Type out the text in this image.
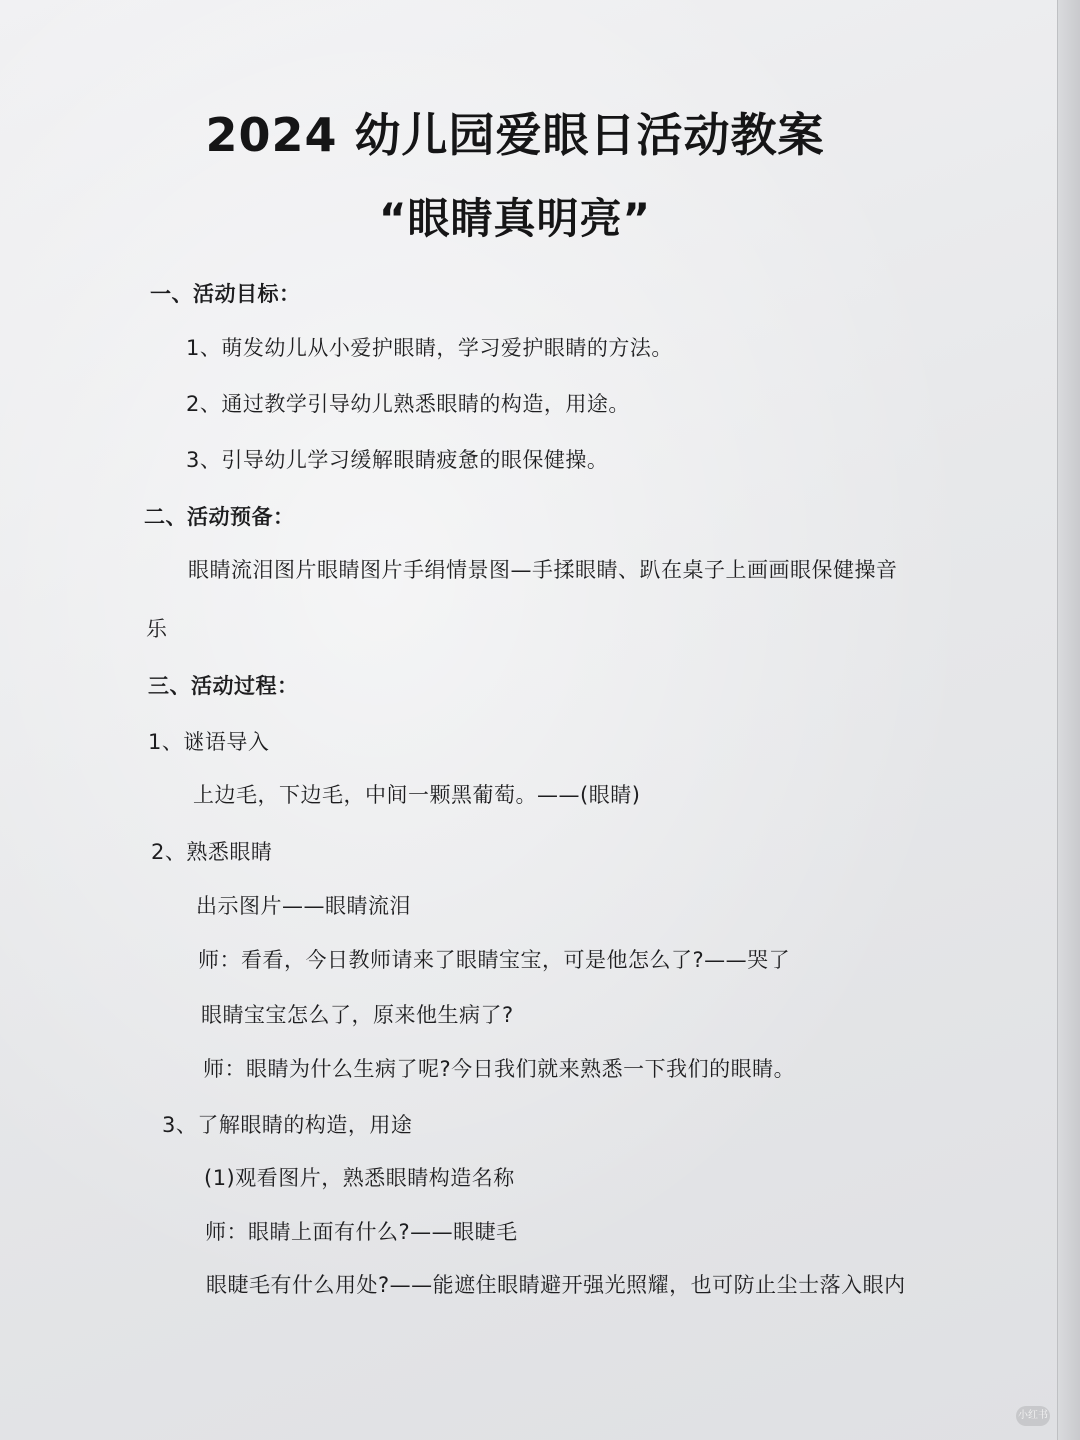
2024 幼儿园爱眼日活动教案
“眼睛真明亮”
一、活动目标：
1、萌发幼儿从小爱护眼睛，学习爱护眼睛的方法。
2、通过教学引导幼儿熟悉眼睛的构造，用途。
3、引导幼儿学习缓解眼睛疲惫的眼保健操。
二、活动预备：
眼睛流泪图片眼睛图片手绢情景图—手揉眼睛、趴在桌子上画画眼保健操音
乐
三、活动过程：
1、谜语导入
上边毛，下边毛，中间一颗黑葡萄。——(眼睛)
2、熟悉眼睛
出示图片——眼睛流泪
师：看看，今日教师请来了眼睛宝宝，可是他怎么了?——哭了
眼睛宝宝怎么了，原来他生病了?
师：眼睛为什么生病了呢?今日我们就来熟悉一下我们的眼睛。
3、了解眼睛的构造，用途
(1)观看图片，熟悉眼睛构造名称
师：眼睛上面有什么?——眼睫毛
眼睫毛有什么用处?——能遮住眼睛避开强光照耀，也可防止尘士落入眼内
小红书
